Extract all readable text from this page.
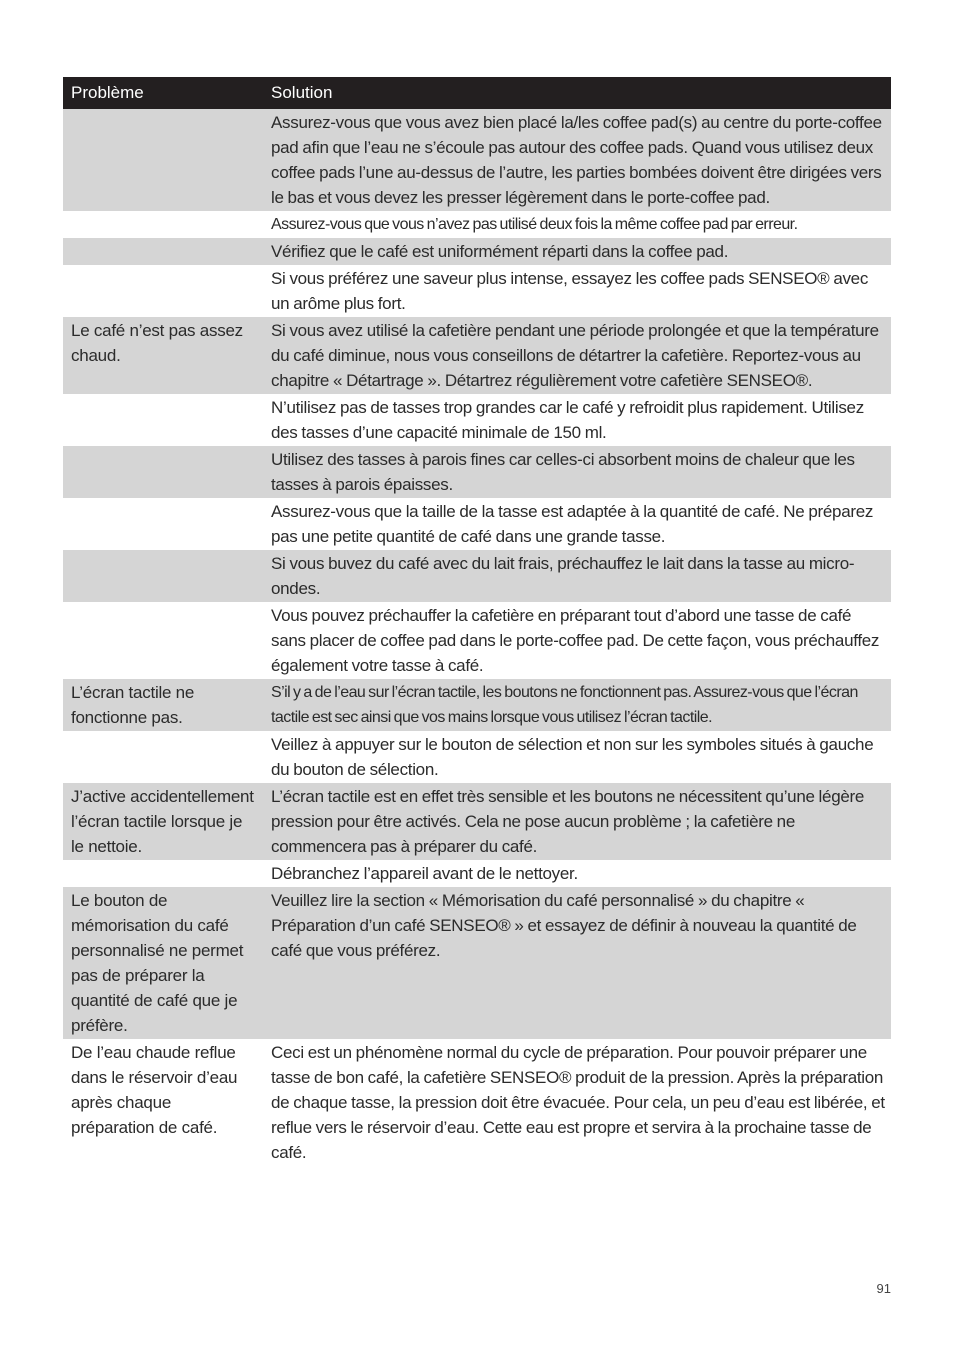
Problème	Solution
Assurez-vous que vous avez bien placé la/les coffee pad(s) au centre du porte-coffee pad afin que l’eau ne s’écoule pas autour des coffee pads. Quand vous utilisez deux coffee pads l’une au-dessus de l’autre, les parties bombées doivent être dirigées vers le bas et vous devez les presser légèrement dans le porte-coffee pad.
Assurez-vous que vous n’avez pas utilisé deux fois la même coffee pad par erreur.
Vérifiez que le café est uniformément réparti dans la coffee pad.
Si vous préférez une saveur plus intense, essayez les coffee pads SENSEO® avec un arôme plus fort.
Le café n’est pas assez chaud.
Si vous avez utilisé la cafetière pendant une période prolongée et que la température du café diminue, nous vous conseillons de détartrer la cafetière. Reportez-vous au chapitre « Détartrage ». Détartrez régulièrement votre cafetière SENSEO®.
N’utilisez pas de tasses trop grandes car le café y refroidit plus rapidement. Utilisez des tasses d’une capacité minimale de 150 ml.
Utilisez des tasses à parois fines car celles-ci absorbent moins de chaleur que les tasses à parois épaisses.
Assurez-vous que la taille de la tasse est adaptée à la quantité de café. Ne préparez pas une petite quantité de café dans une grande tasse.
Si vous buvez du café avec du lait frais, préchauffez le lait dans la tasse au micro-ondes.
Vous pouvez préchauffer la cafetière en préparant tout d’abord une tasse de café sans placer de coffee pad dans le porte-coffee pad. De cette façon, vous préchauffez également votre tasse à café.
L’écran tactile ne fonctionne pas.
S’il y a de l’eau sur l’écran tactile, les boutons ne fonctionnent pas. Assurez-vous que l’écran tactile est sec ainsi que vos mains lorsque vous utilisez l’écran tactile.
Veillez à appuyer sur le bouton de sélection et non sur les symboles situés à gauche du bouton de sélection.
J’active accidentellement l’écran tactile lorsque je le nettoie.
L’écran tactile est en effet très sensible et les boutons ne nécessitent qu’une légère pression pour être activés. Cela ne pose aucun problème ; la cafetière ne commencera pas à préparer du café.
Débranchez l’appareil avant de le nettoyer.
Le bouton de mémorisation du café personnalisé ne permet pas de préparer la quantité de café que je préfère.
Veuillez lire la section « Mémorisation du café personnalisé » du chapitre « Préparation d’un café SENSEO® » et essayez de définir à nouveau la quantité de café que vous préférez.
De l’eau chaude reflue dans le réservoir d’eau après chaque préparation de café.
Ceci est un phénomène normal du cycle de préparation. Pour pouvoir préparer une tasse de bon café, la cafetière SENSEO® produit de la pression. Après la préparation de chaque tasse, la pression doit être évacuée. Pour cela, un peu d’eau est libérée, et reflue vers le réservoir d’eau. Cette eau est propre et servira à la prochaine tasse de café.
91
